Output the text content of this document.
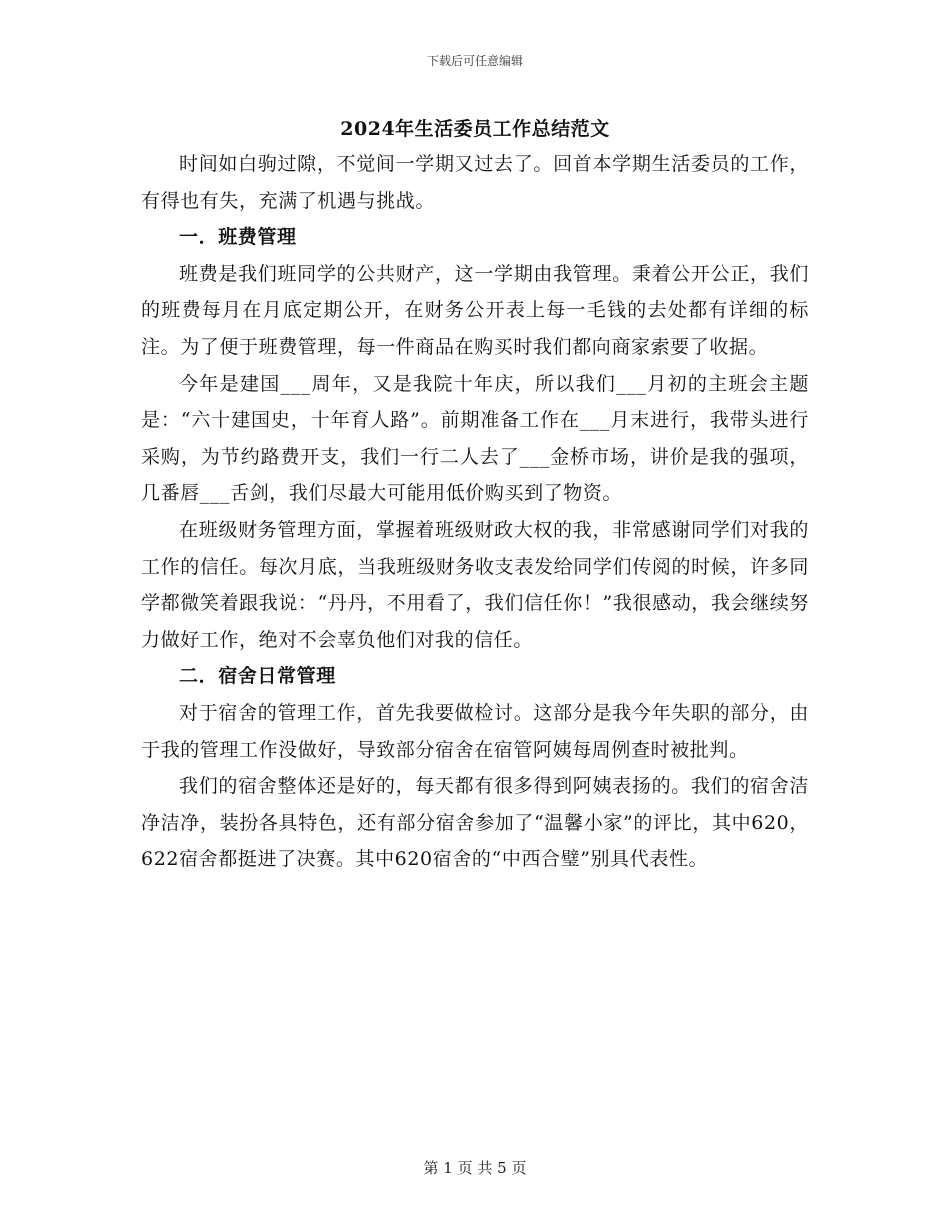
下载后可任意编辑
2024年生活委员工作总结范文

时间如白驹过隙，不觉间一学期又过去了。回首本学期生活委员的工作，有得也有失，充满了机遇与挑战。

一．班费管理

班费是我们班同学的公共财产，这一学期由我管理。秉着公开公正，我们的班费每月在月底定期公开，在财务公开表上每一毛钱的去处都有详细的标注。为了便于班费管理，每一件商品在购买时我们都向商家索要了收据。

今年是建国___周年，又是我院十年庆，所以我们___月初的主班会主题是：“六十建国史，十年育人路”。前期准备工作在___月末进行，我带头进行采购，为节约路费开支，我们一行二人去了___金桥市场，讲价是我的强项，几番唇___舌剑，我们尽最大可能用低价购买到了物资。

在班级财务管理方面，掌握着班级财政大权的我，非常感谢同学们对我的工作的信任。每次月底，当我班级财务收支表发给同学们传阅的时候，许多同学都微笑着跟我说：“丹丹，不用看了，我们信任你！”我很感动，我会继续努力做好工作，绝对不会辜负他们对我的信任。

二．宿舍日常管理

对于宿舍的管理工作，首先我要做检讨。这部分是我今年失职的部分，由于我的管理工作没做好，导致部分宿舍在宿管阿姨每周例查时被批判。

我们的宿舍整体还是好的，每天都有很多得到阿姨表扬的。我们的宿舍洁净洁净，装扮各具特色，还有部分宿舍参加了“温馨小家”的评比，其中620，622宿舍都挺进了决赛。其中620宿舍的“中西合璧”别具代表性。

第 1 页 共 5 页
